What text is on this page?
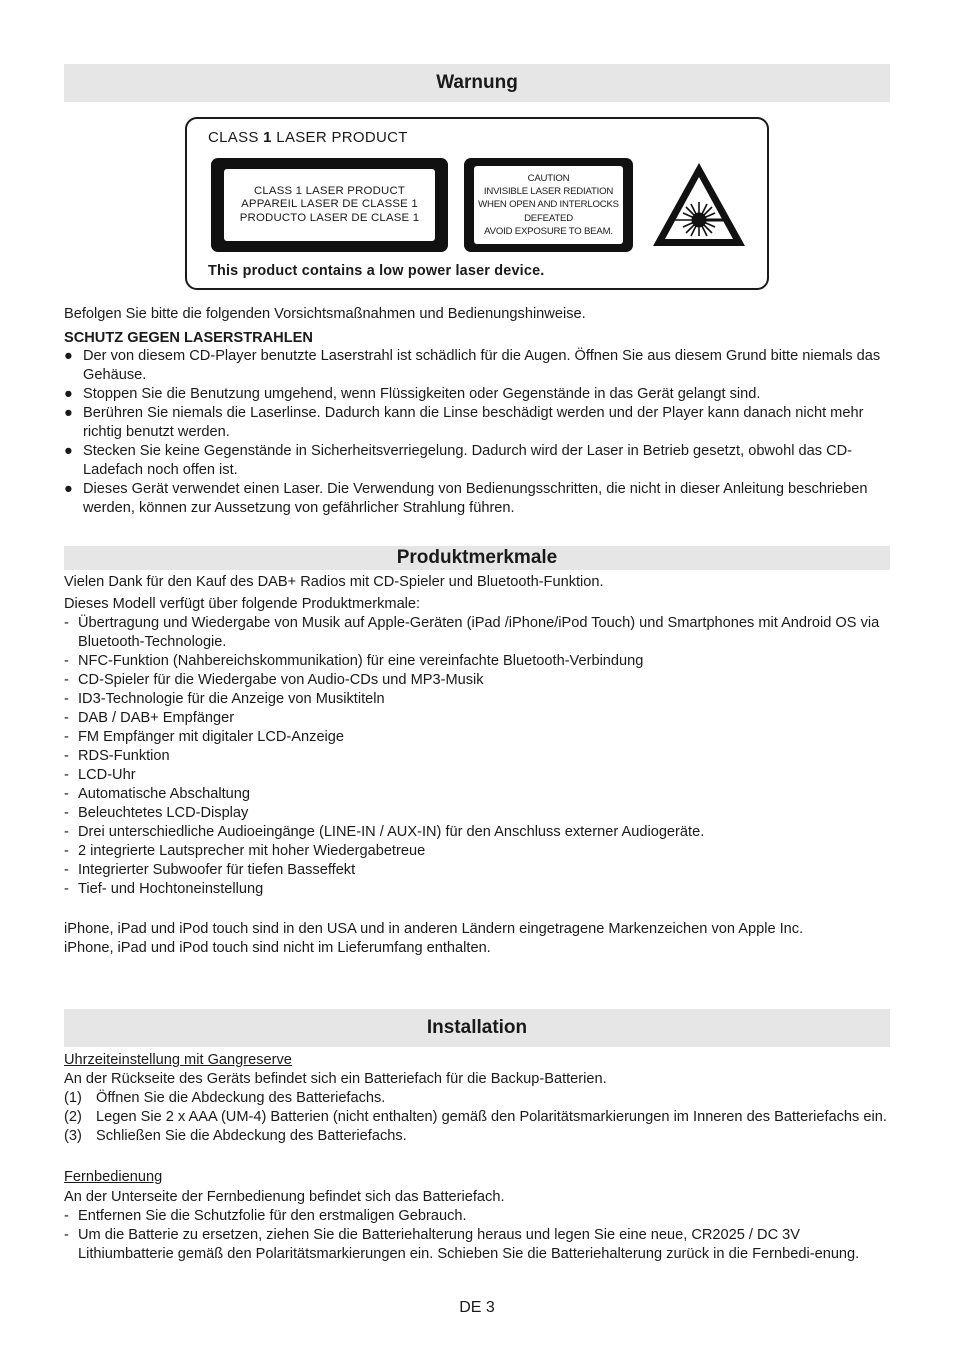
Warnung
CLASS 1 LASER PRODUCT
CLASS 1 LASER PRODUCT
APPAREIL LASER DE CLASSE 1
PRODUCTO LASER DE CLASE 1
CAUTION
INVISIBLE LASER REDIATION
WHEN OPEN AND INTERLOCKS
DEFEATED
AVOID EXPOSURE TO BEAM.
This product contains a low power laser device.
Befolgen Sie bitte die folgenden Vorsichtsmaßnahmen und Bedienungshinweise.
SCHUTZ GEGEN LASERSTRAHLEN
● Der von diesem CD-Player benutzte Laserstrahl ist schädlich für die Augen. Öffnen Sie aus diesem Grund bitte niemals das Gehäuse.
● Stoppen Sie die Benutzung umgehend, wenn Flüssigkeiten oder Gegenstände in das Gerät gelangt sind.
● Berühren Sie niemals die Laserlinse. Dadurch kann die Linse beschädigt werden und der Player kann danach nicht mehr richtig benutzt werden.
● Stecken Sie keine Gegenstände in Sicherheitsverriegelung. Dadurch wird der Laser in Betrieb gesetzt, obwohl das CD-Ladefach noch offen ist.
● Dieses Gerät verwendet einen Laser. Die Verwendung von Bedienungsschritten, die nicht in dieser Anleitung beschrieben werden, können zur Aussetzung von gefährlicher Strahlung führen.
Produktmerkmale
Vielen Dank für den Kauf des DAB+ Radios mit CD-Spieler und Bluetooth-Funktion.
Dieses Modell verfügt über folgende Produktmerkmale:
- Übertragung und Wiedergabe von Musik auf Apple-Geräten (iPad /iPhone/iPod Touch) und Smartphones mit Android OS via Bluetooth-Technologie.
- NFC-Funktion (Nahbereichskommunikation) für eine vereinfachte Bluetooth-Verbindung
- CD-Spieler für die Wiedergabe von Audio-CDs und MP3-Musik
- ID3-Technologie für die Anzeige von Musiktiteln
- DAB / DAB+ Empfänger
- FM Empfänger mit digitaler LCD-Anzeige
- RDS-Funktion
- LCD-Uhr
- Automatische Abschaltung
- Beleuchtetes LCD-Display
- Drei unterschiedliche Audioeingänge (LINE-IN / AUX-IN) für den Anschluss externer Audiogeräte.
- 2 integrierte Lautsprecher mit hoher Wiedergabetreue
- Integrierter Subwoofer für tiefen Basseffekt
- Tief- und Hochtoneinstellung
iPhone, iPad und iPod touch sind in den USA und in anderen Ländern eingetragene Markenzeichen von Apple Inc.
iPhone, iPad und iPod touch sind nicht im Lieferumfang enthalten.
Installation
Uhrzeiteinstellung mit Gangreserve
An der Rückseite des Geräts befindet sich ein Batteriefach für die Backup-Batterien.
(1) Öffnen Sie die Abdeckung des Batteriefachs.
(2) Legen Sie 2 x AAA (UM-4) Batterien (nicht enthalten) gemäß den Polaritätsmarkierungen im Inneren des Batteriefachs ein.
(3) Schließen Sie die Abdeckung des Batteriefachs.
Fernbedienung
An der Unterseite der Fernbedienung befindet sich das Batteriefach.
- Entfernen Sie die Schutzfolie für den erstmaligen Gebrauch.
- Um die Batterie zu ersetzen, ziehen Sie die Batteriehalterung heraus und legen Sie eine neue, CR2025 / DC 3V Lithiumbatterie gemäß den Polaritätsmarkierungen ein. Schieben Sie die Batteriehalterung zurück in die Fernbedi-enung.
DE 3
